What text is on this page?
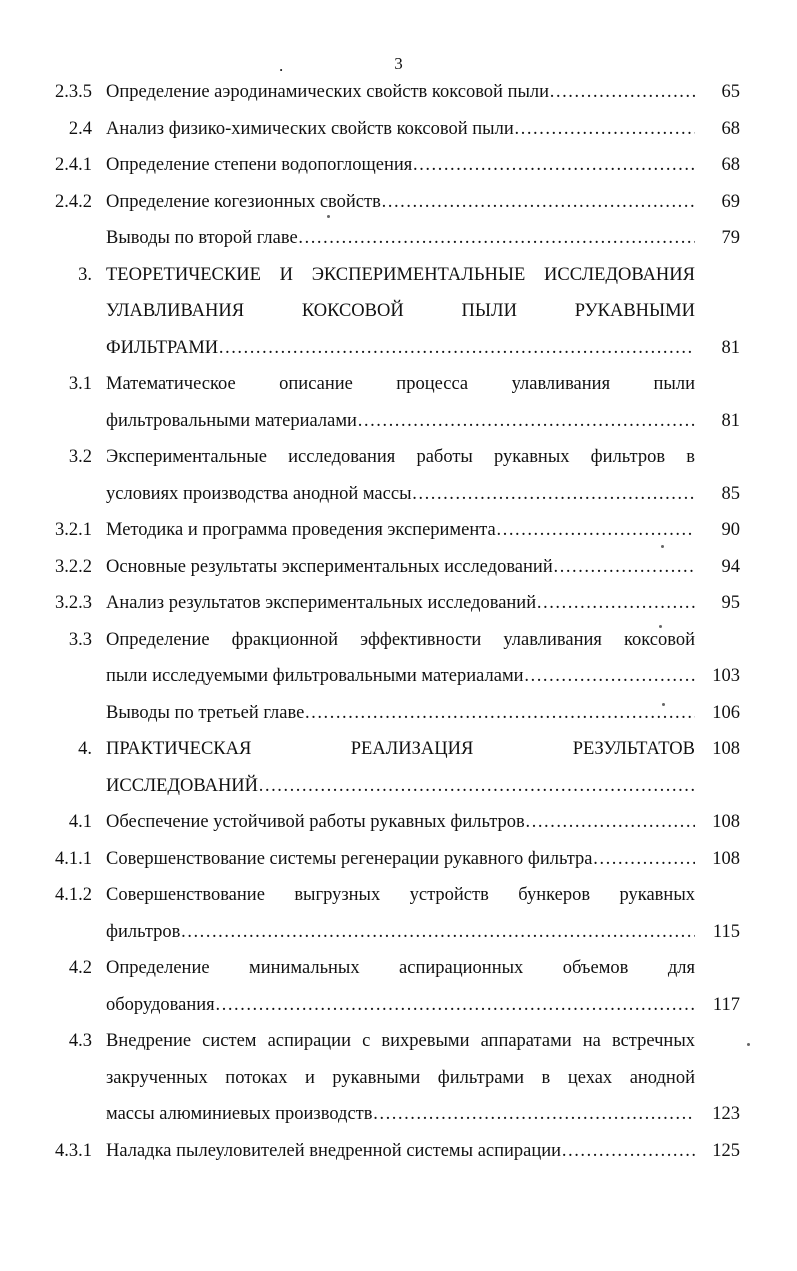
3
.
2.3.5 Определение аэродинамических свойств коксовой пыли ………………………………………………………………………………………………………………………………………………………………………………………………	65
2.4 Анализ физико-химических свойств коксовой пыли ………………………………………………………………………………………………………………………………………………………………………………………………	68
2.4.1 Определение степени водопоглощения ………………………………………………………………………………………………………………………………………………………………………………………………	68
2.4.2 Определение когезионных свойств ………………………………………………………………………………………………………………………………………………………………………………………………	69
Выводы по второй главе ………………………………………………………………………………………………………………………………………………………………………………………………	79
3. ТЕОРЕТИЧЕСКИЕ И ЭКСПЕРИМЕНТАЛЬНЫЕ ИССЛЕДОВАНИЯ
УЛАВЛИВАНИЯ КОКСОВОЙ ПЫЛИ РУКАВНЫМИ
ФИЛЬТРАМИ ………………………………………………………………………………………………………………………………………………………………………………………………	81
3.1 Математическое описание процесса улавливания пыли
фильтровальными материалами ………………………………………………………………………………………………………………………………………………………………………………………………	81
3.2 Экспериментальные исследования работы рукавных фильтров в
условиях производства анодной массы ………………………………………………………………………………………………………………………………………………………………………………………………	85
3.2.1 Методика и программа проведения эксперимента ………………………………………………………………………………………………………………………………………………………………………………………………	90
3.2.2 Основные результаты экспериментальных исследований ………………………………………………………………………………………………………………………………………………………………………………………………	94
3.2.3 Анализ результатов экспериментальных исследований ………………………………………………………………………………………………………………………………………………………………………………………………	95
3.3 Определение фракционной эффективности улавливания коксовой
пыли исследуемыми фильтровальными материалами ………………………………………………………………………………………………………………………………………………………………………………………………	103
Выводы по третьей главе ………………………………………………………………………………………………………………………………………………………………………………………………	106
4. ПРАКТИЧЕСКАЯ РЕАЛИЗАЦИЯ РЕЗУЛЬТАТОВ 108
ИССЛЕДОВАНИЙ ………………………………………………………………………………………………………………………………………………………………………………………………
4.1 Обеспечение устойчивой работы рукавных фильтров ………………………………………………………………………………………………………………………………………………………………………………………………	108
4.1.1 Совершенствование системы регенерации рукавного фильтра ………………………………………………………………………………………………………………………………………………………………………………………………	108
4.1.2 Совершенствование выгрузных устройств бункеров рукавных
фильтров ………………………………………………………………………………………………………………………………………………………………………………………………	115
4.2 Определение минимальных аспирационных объемов для
оборудования ………………………………………………………………………………………………………………………………………………………………………………………………	117
4.3 Внедрение систем аспирации с вихревыми аппаратами на встречных
закрученных потоках и рукавными фильтрами в цехах анодной
массы алюминиевых производств ………………………………………………………………………………………………………………………………………………………………………………………………	123
4.3.1 Наладка пылеуловителей внедренной системы аспирации ………………………………………………………………………………………………………………………………………………………………………………………………	125
